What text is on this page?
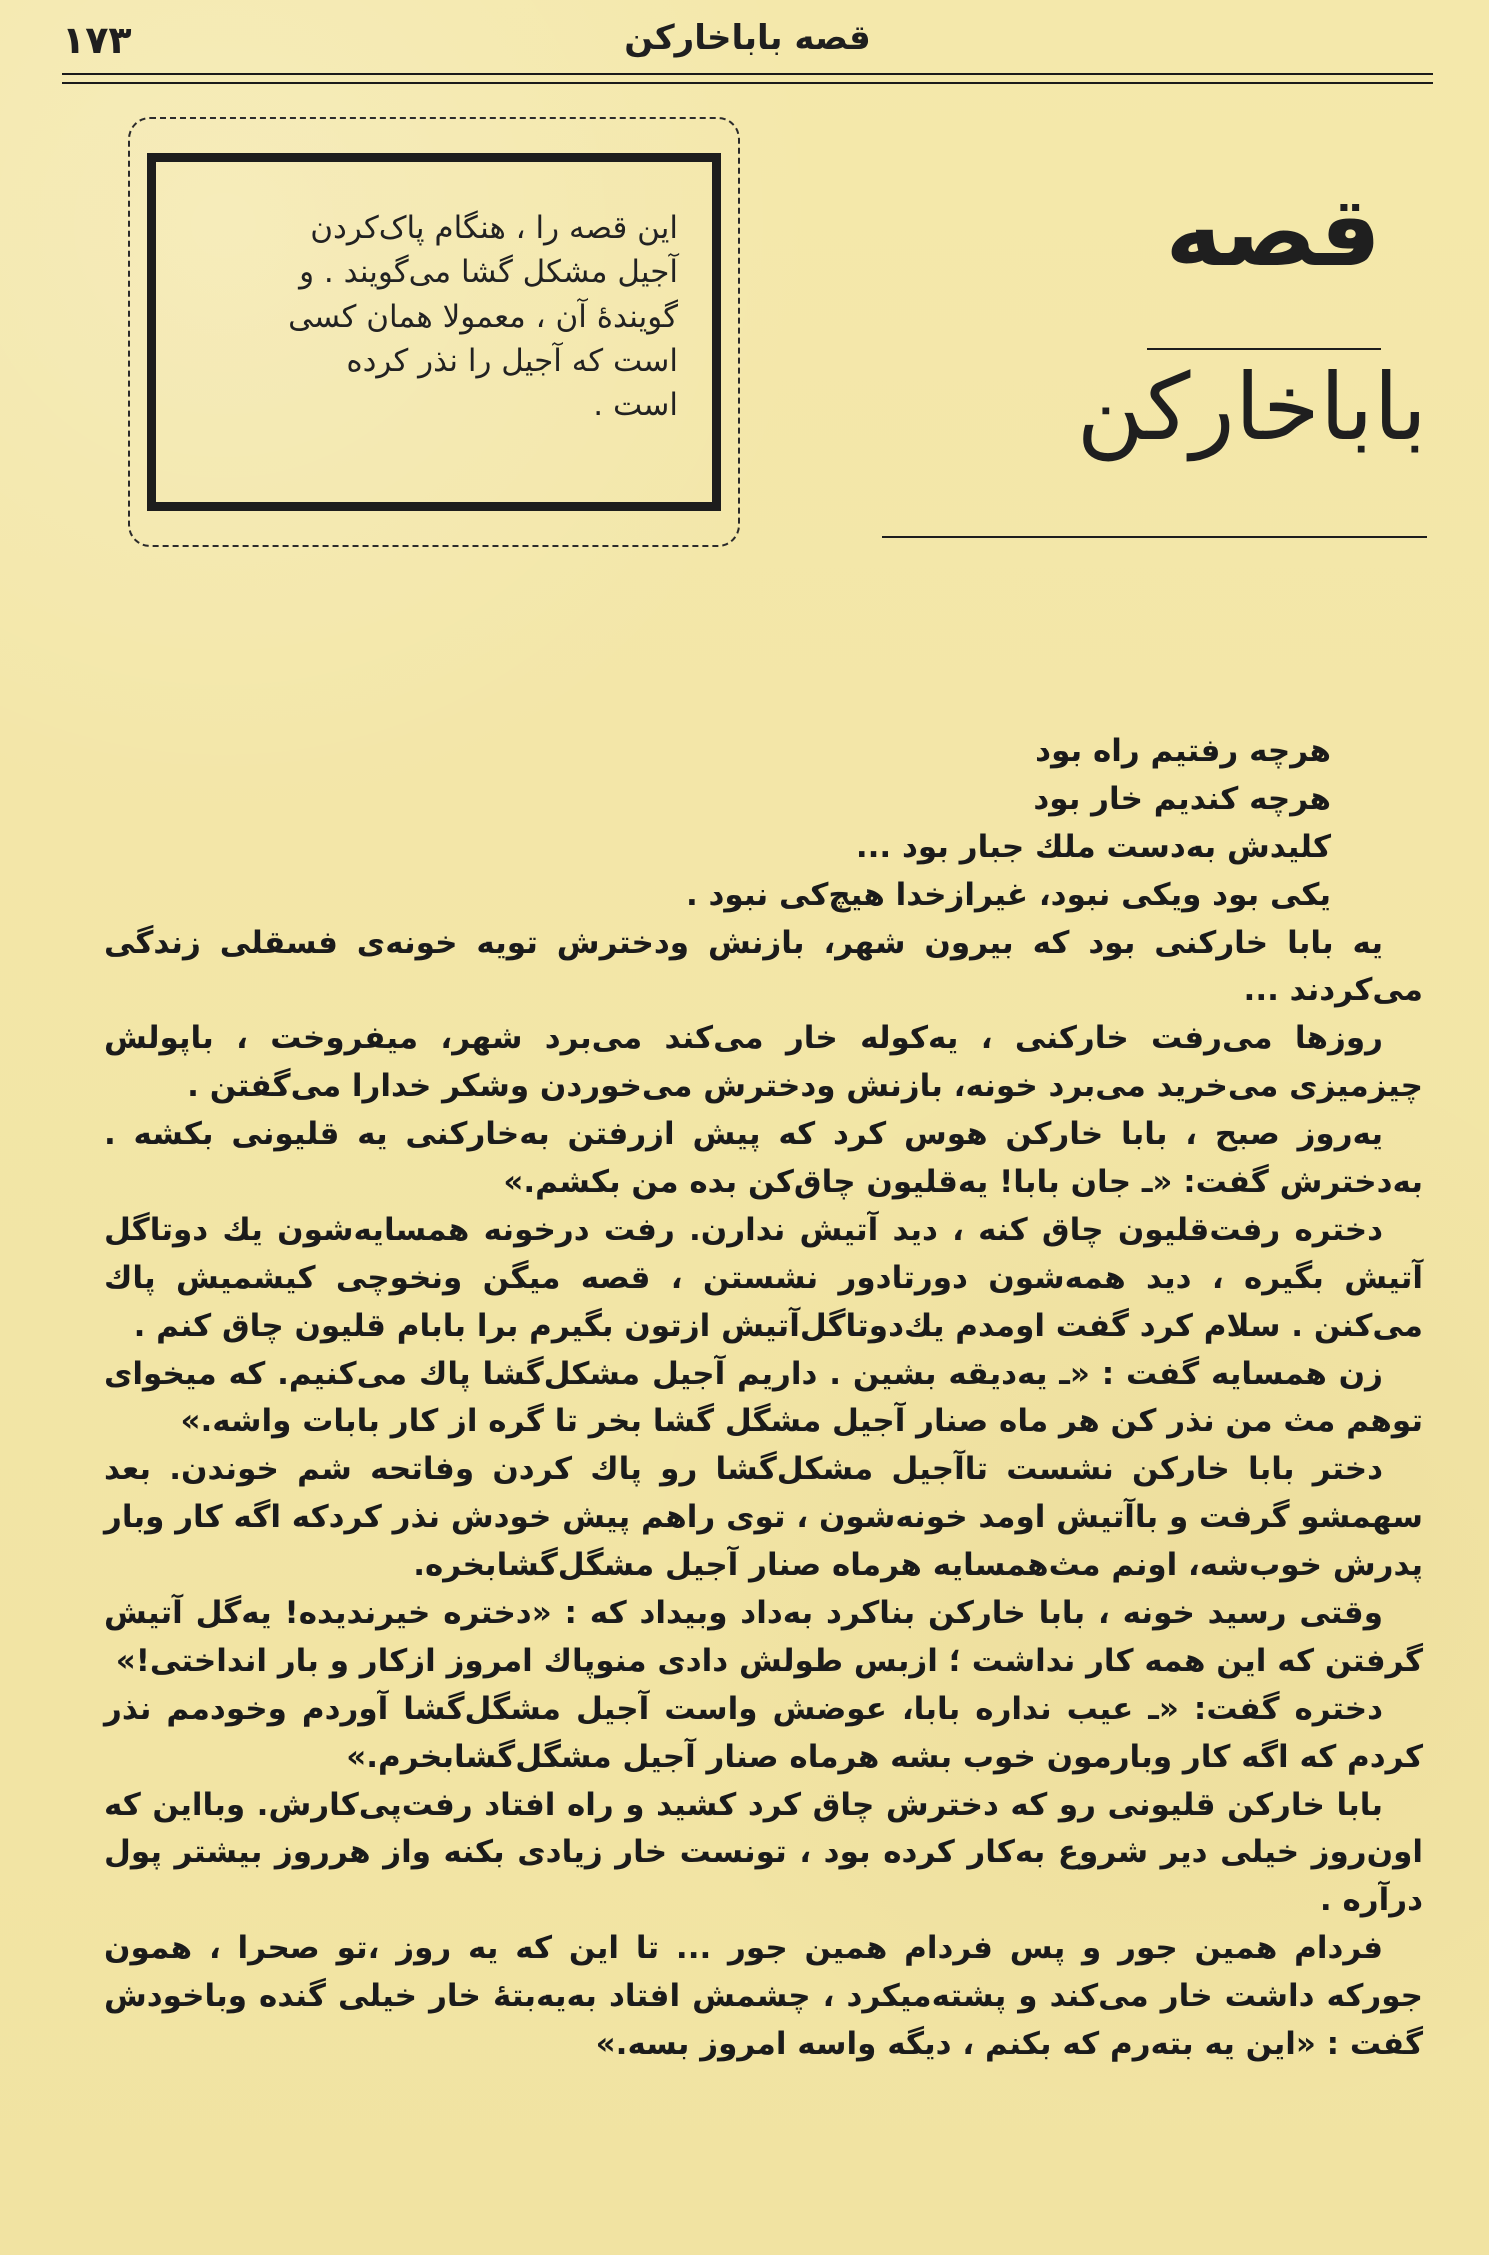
۱۷۳	قصه باباخارکن
این قصه را ، هنگام پاک‌کردن
آجیل مشکل گشا می‌گویند . و
گویندهٔ آن ، معمولا همان کسی
است که آجیل را نذر کرده
است .
قصه
باباخارکن
هرچه رفتیم راه بود
هرچه کندیم خار بود
کلیدش به‌دست ملك جبار بود ...
یکی بود ویکی نبود، غیرازخدا هیچ‌کی نبود .

یه بابا خارکنی بود که بیرون شهر، بازنش ودخترش تویه خونه‌ی فسقلی زندگی می‌کردند ...

روزها می‌رفت خارکنی ، یه‌کوله خار می‌کند می‌برد شهر، میفروخت ، باپولش چیزمیزی می‌خرید می‌برد خونه، بازنش ودخترش می‌خوردن وشکر خدارا می‌گفتن .

یه‌روز صبح ، بابا خارکن هوس کرد که پیش ازرفتن به‌خارکنی یه قلیونی بکشه . به‌دخترش گفت: «ـ جان بابا! یه‌قلیون چاق‌کن بده من بکشم.»

دختره رفت‌قلیون چاق کنه ، دید آتیش ندارن. رفت درخونه همسایه‌شون یك دوتاگل آتیش بگیره ، دید همه‌شون دورتادور نشستن ، قصه میگن ونخوچی کیشمیش پاك می‌کنن . سلام کرد گفت اومدم یك‌دوتاگل‌آتیش ازتون بگیرم برا بابام قلیون چاق کنم .

زن همسایه گفت : «ـ یه‌دیقه بشین . داریم آجیل مشکل‌گشا پاك می‌کنیم. که میخوای توهم مث من نذر کن هر ماه صنار آجیل مشگل گشا بخر تا گره از کار بابات واشه.»

دختر بابا خارکن نشست تاآجیل مشکل‌گشا رو پاك کردن وفاتحه شم خوندن. بعد سهمشو گرفت و باآتیش اومد خونه‌شون ، توی راهم پیش خودش نذر کردکه اگه کار وبار پدرش خوب‌شه، اونم مث‌همسایه هرماه صنار آجیل مشگل‌گشابخره.

وقتی رسید خونه ، بابا خارکن بناکرد به‌داد وبیداد که : «دختره خیرندیده! یه‌گل آتیش گرفتن که این همه کار نداشت ؛ ازبس طولش دادی منوپاك امروز ازکار و بار انداختی!»

دختره گفت: «ـ عیب نداره بابا، عوضش واست آجیل مشگل‌گشا آوردم وخودمم نذر کردم که اگه کار وبارمون خوب بشه هرماه صنار آجیل مشگل‌گشابخرم.»

بابا خارکن قلیونی رو که دخترش چاق کرد کشید و راه افتاد رفت‌پی‌کارش. وبااین که اون‌روز خیلی دیر شروع به‌کار کرده بود ، تونست خار زیادی بکنه واز هرروز بیشتر پول درآره .

فردام همین جور و پس فردام همین جور ... تا این که یه روز ،تو صحرا ، همون جورکه داشت خار می‌کند و پشته‌میکرد ، چشمش افتاد به‌یه‌بتهٔ خار خیلی گنده وباخودش گفت : «این یه بته‌رم که بکنم ، دیگه واسه امروز بسه.»
